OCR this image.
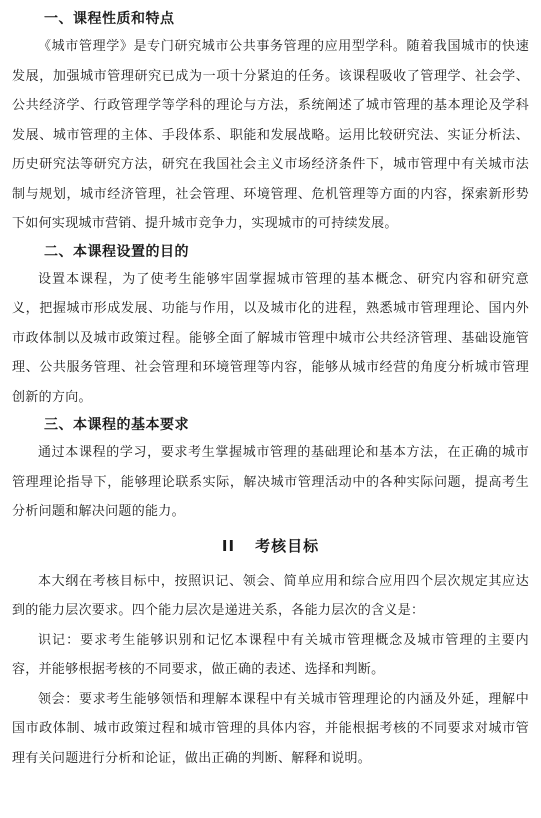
一、课程性质和特点

《城市管理学》是专门研究城市公共事务管理的应用型学科。随着我国城市的快速发展，加强城市管理研究已成为一项十分紧迫的任务。该课程吸收了管理学、社会学、公共经济学、行政管理学等学科的理论与方法，系统阐述了城市管理的基本理论及学科发展、城市管理的主体、手段体系、职能和发展战略。运用比较研究法、实证分析法、历史研究法等研究方法，研究在我国社会主义市场经济条件下，城市管理中有关城市法制与规划，城市经济管理，社会管理、环境管理、危机管理等方面的内容，探索新形势下如何实现城市营销、提升城市竞争力，实现城市的可持续发展。

二、本课程设置的目的

设置本课程，为了使考生能够牢固掌握城市管理的基本概念、研究内容和研究意义，把握城市形成发展、功能与作用，以及城市化的进程，熟悉城市管理理论、国内外市政体制以及城市政策过程。能够全面了解城市管理中城市公共经济管理、基础设施管理、公共服务管理、社会管理和环境管理等内容，能够从城市经营的角度分析城市管理创新的方向。

三、本课程的基本要求

通过本课程的学习，要求考生掌握城市管理的基础理论和基本方法，在正确的城市管理理论指导下，能够理论联系实际，解决城市管理活动中的各种实际问题，提高考生分析问题和解决问题的能力。

II 考核目标

本大纲在考核目标中，按照识记、领会、简单应用和综合应用四个层次规定其应达到的能力层次要求。四个能力层次是递进关系，各能力层次的含义是：

识记：要求考生能够识别和记忆本课程中有关城市管理概念及城市管理的主要内容，并能够根据考核的不同要求，做正确的表述、选择和判断。

领会：要求考生能够领悟和理解本课程中有关城市管理理论的内涵及外延，理解中国市政体制、城市政策过程和城市管理的具体内容，并能根据考核的不同要求对城市管理有关问题进行分析和论证，做出正确的判断、解释和说明。
